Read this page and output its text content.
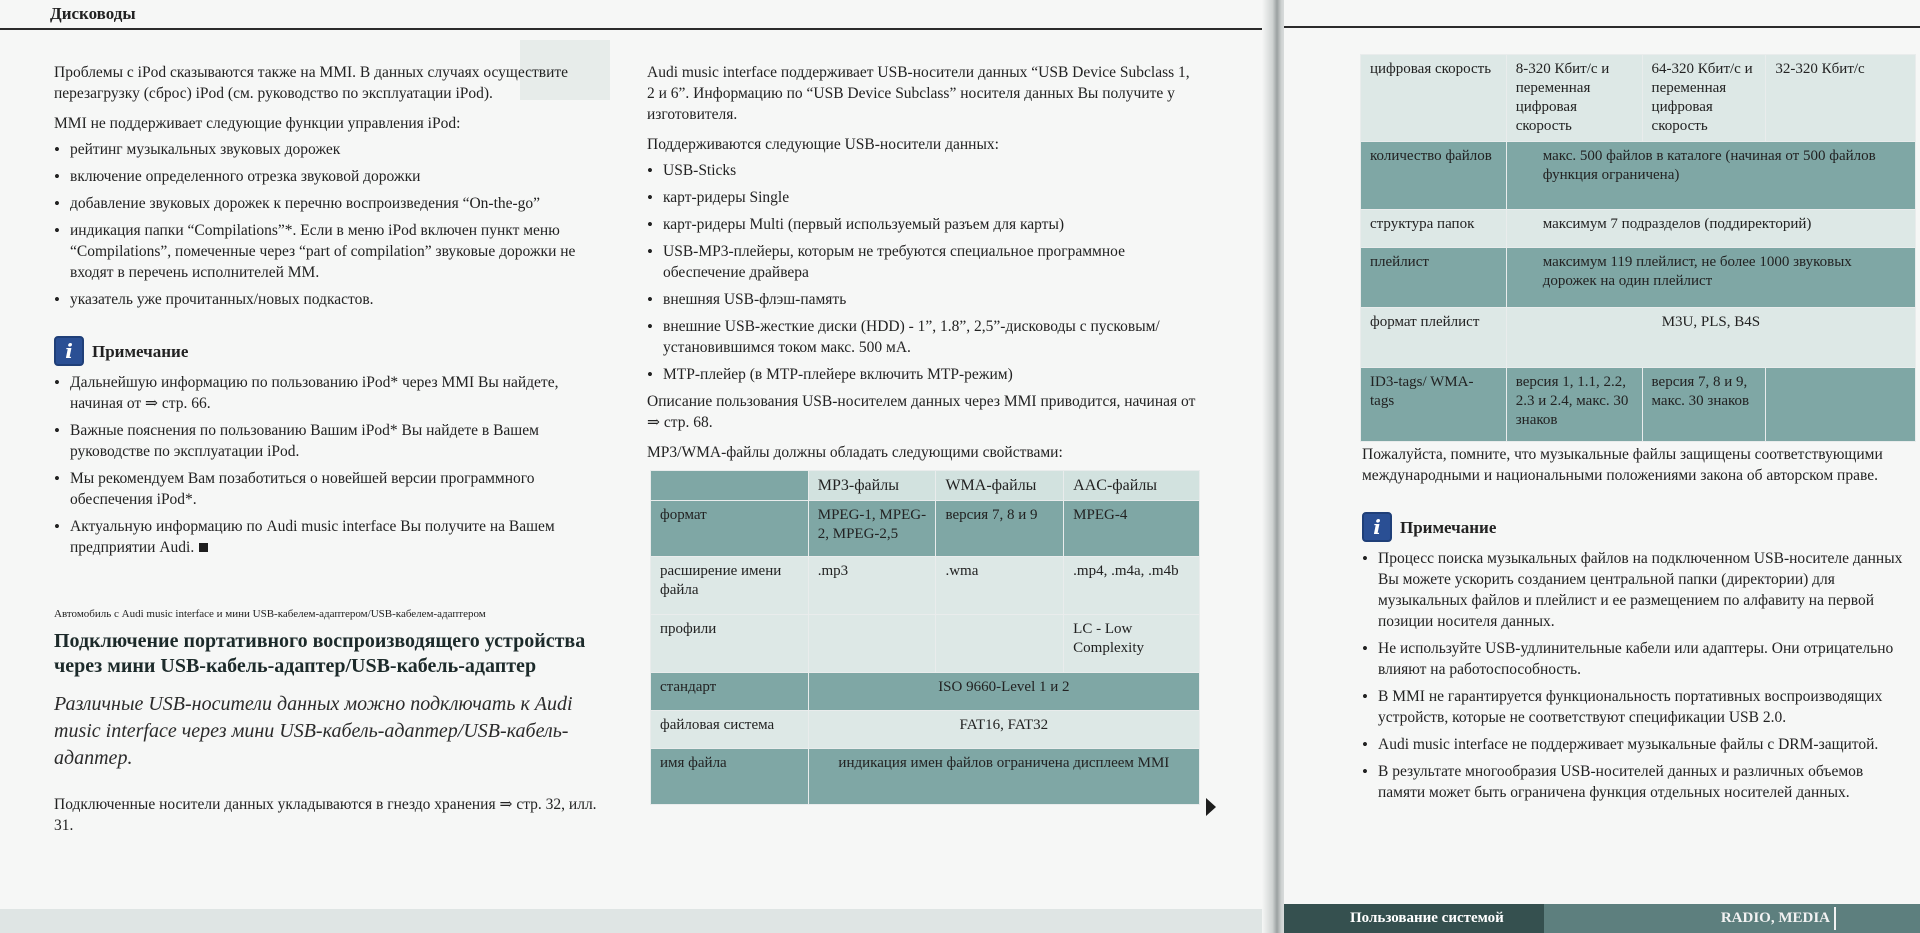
Дисководы

Проблемы с iPod сказываются также на MMI. В данных случаях осуществите перезагрузку (сброс) iPod (см. руководство по эксплуатации iPod).

MMI не поддерживает следующие функции управления iPod:

• рейтинг музыкальных звуковых дорожек
• включение определенного отрезка звуковой дорожки
• добавление звуковых дорожек к перечню воспроизведения “On-the-go”
• индикация папки “Compilations”*. Если в меню iPod включен пункт меню “Compilations”, помеченные через “part of compilation” звуковые дорожки не входят в перечень исполнителей MM.
• указатель уже прочитанных/новых подкастов.
i	Примечание
• Дальнейшую информацию по пользованию iPod* через MMI Вы найдете, начиная от ⇒ стр. 66.
• Важные пояснения по пользованию Вашим iPod* Вы найдете в Вашем руководстве по эксплуатации iPod.
• Мы рекомендуем Вам позаботиться о новейшей версии программного обеспечения iPod*.
• Актуальную информацию по Audi music interface Вы получите на Вашем предприятии Audi.
Автомобиль с Audi music interface и мини USB-кабелем-адаптером/USB-кабелем-адаптером
Подключение портативного воспроизводящего устройства через мини USB-кабель-адаптер/USB-кабель-адаптер
Различные USB-носители данных можно подключать к Audi music interface через мини USB-кабель-адаптер/USB-кабель-адаптер.

Подключенные носители данных укладываются в гнездо хранения ⇒ стр. 32, илл. 31.

Audi music interface поддерживает USB-носители данных “USB Device Subclass 1, 2 и 6”. Информацию по “USB Device Subclass” носителя данных Вы получите у изготовителя.

Поддерживаются следующие USB-носители данных:

• USB-Sticks
• карт-ридеры Single
• карт-ридеры Multi (первый используемый разъем для карты)
• USB-MP3-плейеры, которым не требуются специальное программное обеспечение драйвера
• внешняя USB-флэш-память
• внешние USB-жесткие диски (HDD) - 1”, 1.8”, 2,5”-дисководы с пусковым/установившимся током макс. 500 мА.
• MTP-плейер (в MTP-плейере включить MTP-режим)

Описание пользования USB-носителем данных через MMI приводится, начиная от ⇒ стр. 68.

MP3/WMA-файлы должны обладать следующими свойствами:

	MP3-файлы	WMA-файлы	AAC-файлы
формат	MPEG-1, MPEG-2, MPEG-2,5	версия 7, 8 и 9	MPEG-4
расширение имени файла	.mp3	.wma	.mp4, .m4a, .m4b
профили			LC - Low Complexity
стандарт	ISO 9660-Level 1 и 2		
файловая система	FAT16, FAT32		
имя файла	индикация имен файлов ограничена дисплеем MMI		
цифровая скорость	8-320 Кбит/с и переменная цифровая скорость	64-320 Кбит/с и переменная цифровая скорость	32-320 Кбит/с
количество файлов	макс. 500 файлов в каталоге (начиная от 500 файлов функция ограничена)		
структура папок	максимум 7 подразделов (поддиректорий)		
плейлист	максимум 119 плейлист, не более 1000 звуковых дорожек на один плейлист		
формат плейлист	M3U, PLS, B4S		
ID3-tags/ WMA-tags	версия 1, 1.1, 2.2, 2.3 и 2.4, макс. 30 знаков	версия 7, 8 и 9, макс. 30 знаков	

Пожалуйста, помните, что музыкальные файлы защищены соответствующими международными и национальными положениями закона об авторском праве.

i	Примечание
• Процесс поиска музыкальных файлов на подключенном USB-носителе данных Вы можете ускорить созданием центральной папки (директории) для музыкальных файлов и плейлист и ее размещением по алфавиту на первой позиции носителя данных.
• Не используйте USB-удлинительные кабели или адаптеры. Они отрицательно влияют на работоспособность.
• В MMI не гарантируется функциональность портативных воспроизводящих устройств, которые не соответствуют спецификации USB 2.0.
• Audi music interface не поддерживает музыкальные файлы с DRM-защитой.
• В результате многообразия USB-носителей данных и различных объемов памяти может быть ограничена функция отдельных носителей данных.
Пользование системой	RADIO, MEDIA
